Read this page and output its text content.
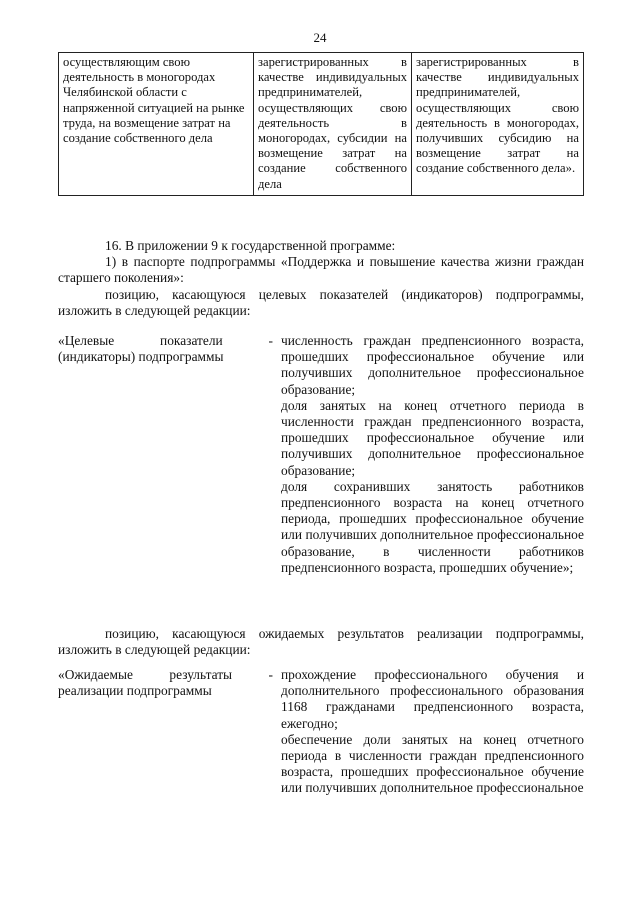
24
осуществляющим свою деятельность в моногородах Челябинской области с напряженной ситуацией на рынке труда, на возмещение затрат на создание собственного дела	зарегистрированных в качестве индивидуальных предпринимателей, осуществляющих свою деятельность в моногородах, субсидии на возмещение затрат на создание собственного дела	зарегистрированных в качестве индивидуальных предпринимателей, осуществляющих свою деятельность в моногородах, получивших субсидию на возмещение затрат на создание собственного дела».

16. В приложении 9 к государственной программе:

1) в паспорте подпрограммы «Поддержка и повышение качества жизни граждан старшего поколения»:

позицию, касающуюся целевых показателей (индикаторов) подпрограммы, изложить в следующей редакции:

«Целевые показатели -
(индикаторы) подпрограммы

численность граждан предпенсионного возраста, прошедших профессиональное обучение или получивших дополнительное профессиональное образование;

доля занятых на конец отчетного периода в численности граждан предпенсионного возраста, прошедших профессиональное обучение или получивших дополнительное профессиональное образование;

доля сохранивших занятость работников предпенсионного возраста на конец отчетного периода, прошедших профессиональное обучение или получивших дополнительное профессиональное образование, в численности работников предпенсионного возраста, прошедших обучение»;

позицию, касающуюся ожидаемых результатов реализации подпрограммы, изложить в следующей редакции:

«Ожидаемые результаты -
реализации подпрограммы

прохождение профессионального обучения и дополнительного профессионального образования 1168 гражданами предпенсионного возраста, ежегодно;

обеспечение доли занятых на конец отчетного периода в численности граждан предпенсионного возраста, прошедших профессиональное обучение или получивших дополнительное профессиональное
